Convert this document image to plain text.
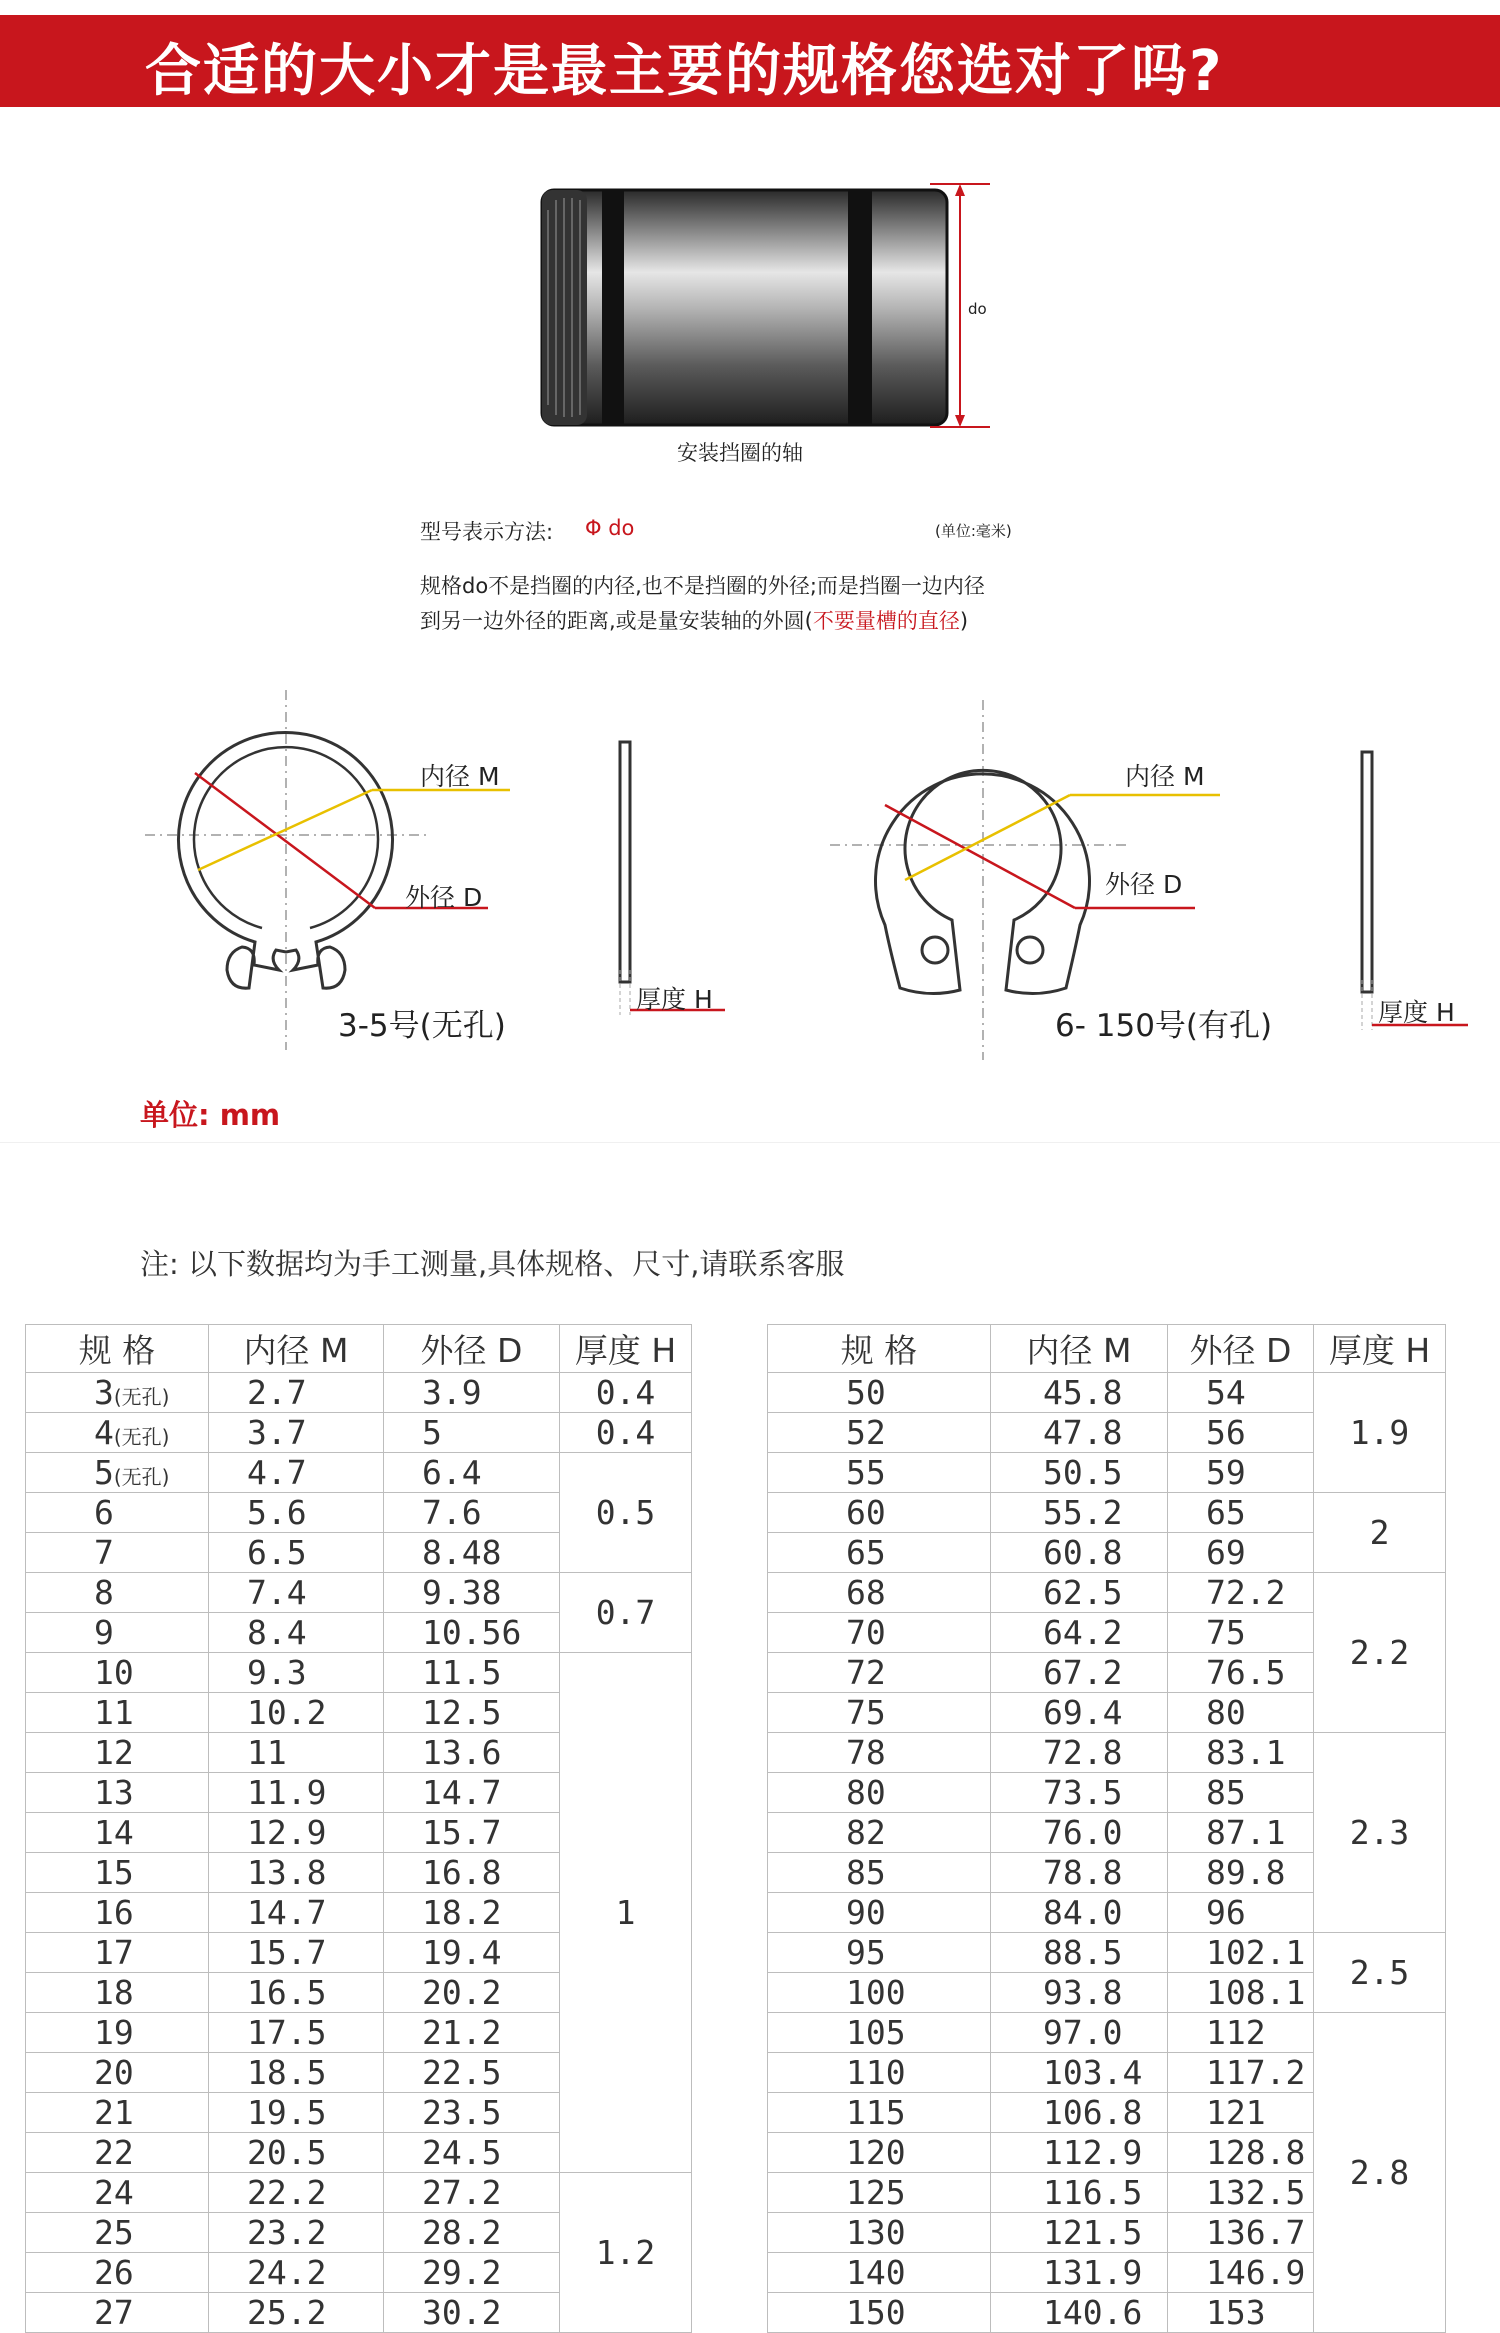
合适的大小才是最主要的规格您选对了吗?
do
安装挡圈的轴
型号表示方法: Φ do	(单位:毫米)
规格do不是挡圈的内径,也不是挡圈的外径;而是挡圈一边内径
到另一边外径的距离,或是量安装轴的外圆(不要量槽的直径)
内径 M
外径 D
厚度 H
3-5号(无孔)
内径 M
外径 D
厚度 H
6- 150号(有孔)
单位: mm
注: 以下数据均为手工测量,具体规格、尺寸,请联系客服
规 格	内径 M	外径 D	厚度 H
3(无孔)	2.7	3.9	0.4
4(无孔)	3.7	5	0.4
5(无孔)	4.7	6.4	0.5
6	5.6	7.6	
7	6.5	8.48	
8	7.4	9.38	0.7
9	8.4	10.56	
10	9.3	11.5	1
11	10.2	12.5	
12	11	13.6	
13	11.9	14.7	
14	12.9	15.7	
15	13.8	16.8	
16	14.7	18.2	
17	15.7	19.4	
18	16.5	20.2	
19	17.5	21.2	
20	18.5	22.5	
21	19.5	23.5	
22	20.5	24.5	
24	22.2	27.2	1.2
25	23.2	28.2	
26	24.2	29.2	
27	25.2	30.2	
规 格	内径 M	外径 D	厚度 H
50	45.8	54	1.9
52	47.8	56	
55	50.5	59	
60	55.2	65	2
65	60.8	69	
68	62.5	72.2	2.2
70	64.2	75	
72	67.2	76.5	
75	69.4	80	
78	72.8	83.1	2.3
80	73.5	85	
82	76.0	87.1	
85	78.8	89.8	
90	84.0	96	
95	88.5	102.1	2.5
100	93.8	108.1	
105	97.0	112	2.8
110	103.4	117.2	
115	106.8	121	
120	112.9	128.8	
125	116.5	132.5	
130	121.5	136.7	
140	131.9	146.9	
150	140.6	153	
